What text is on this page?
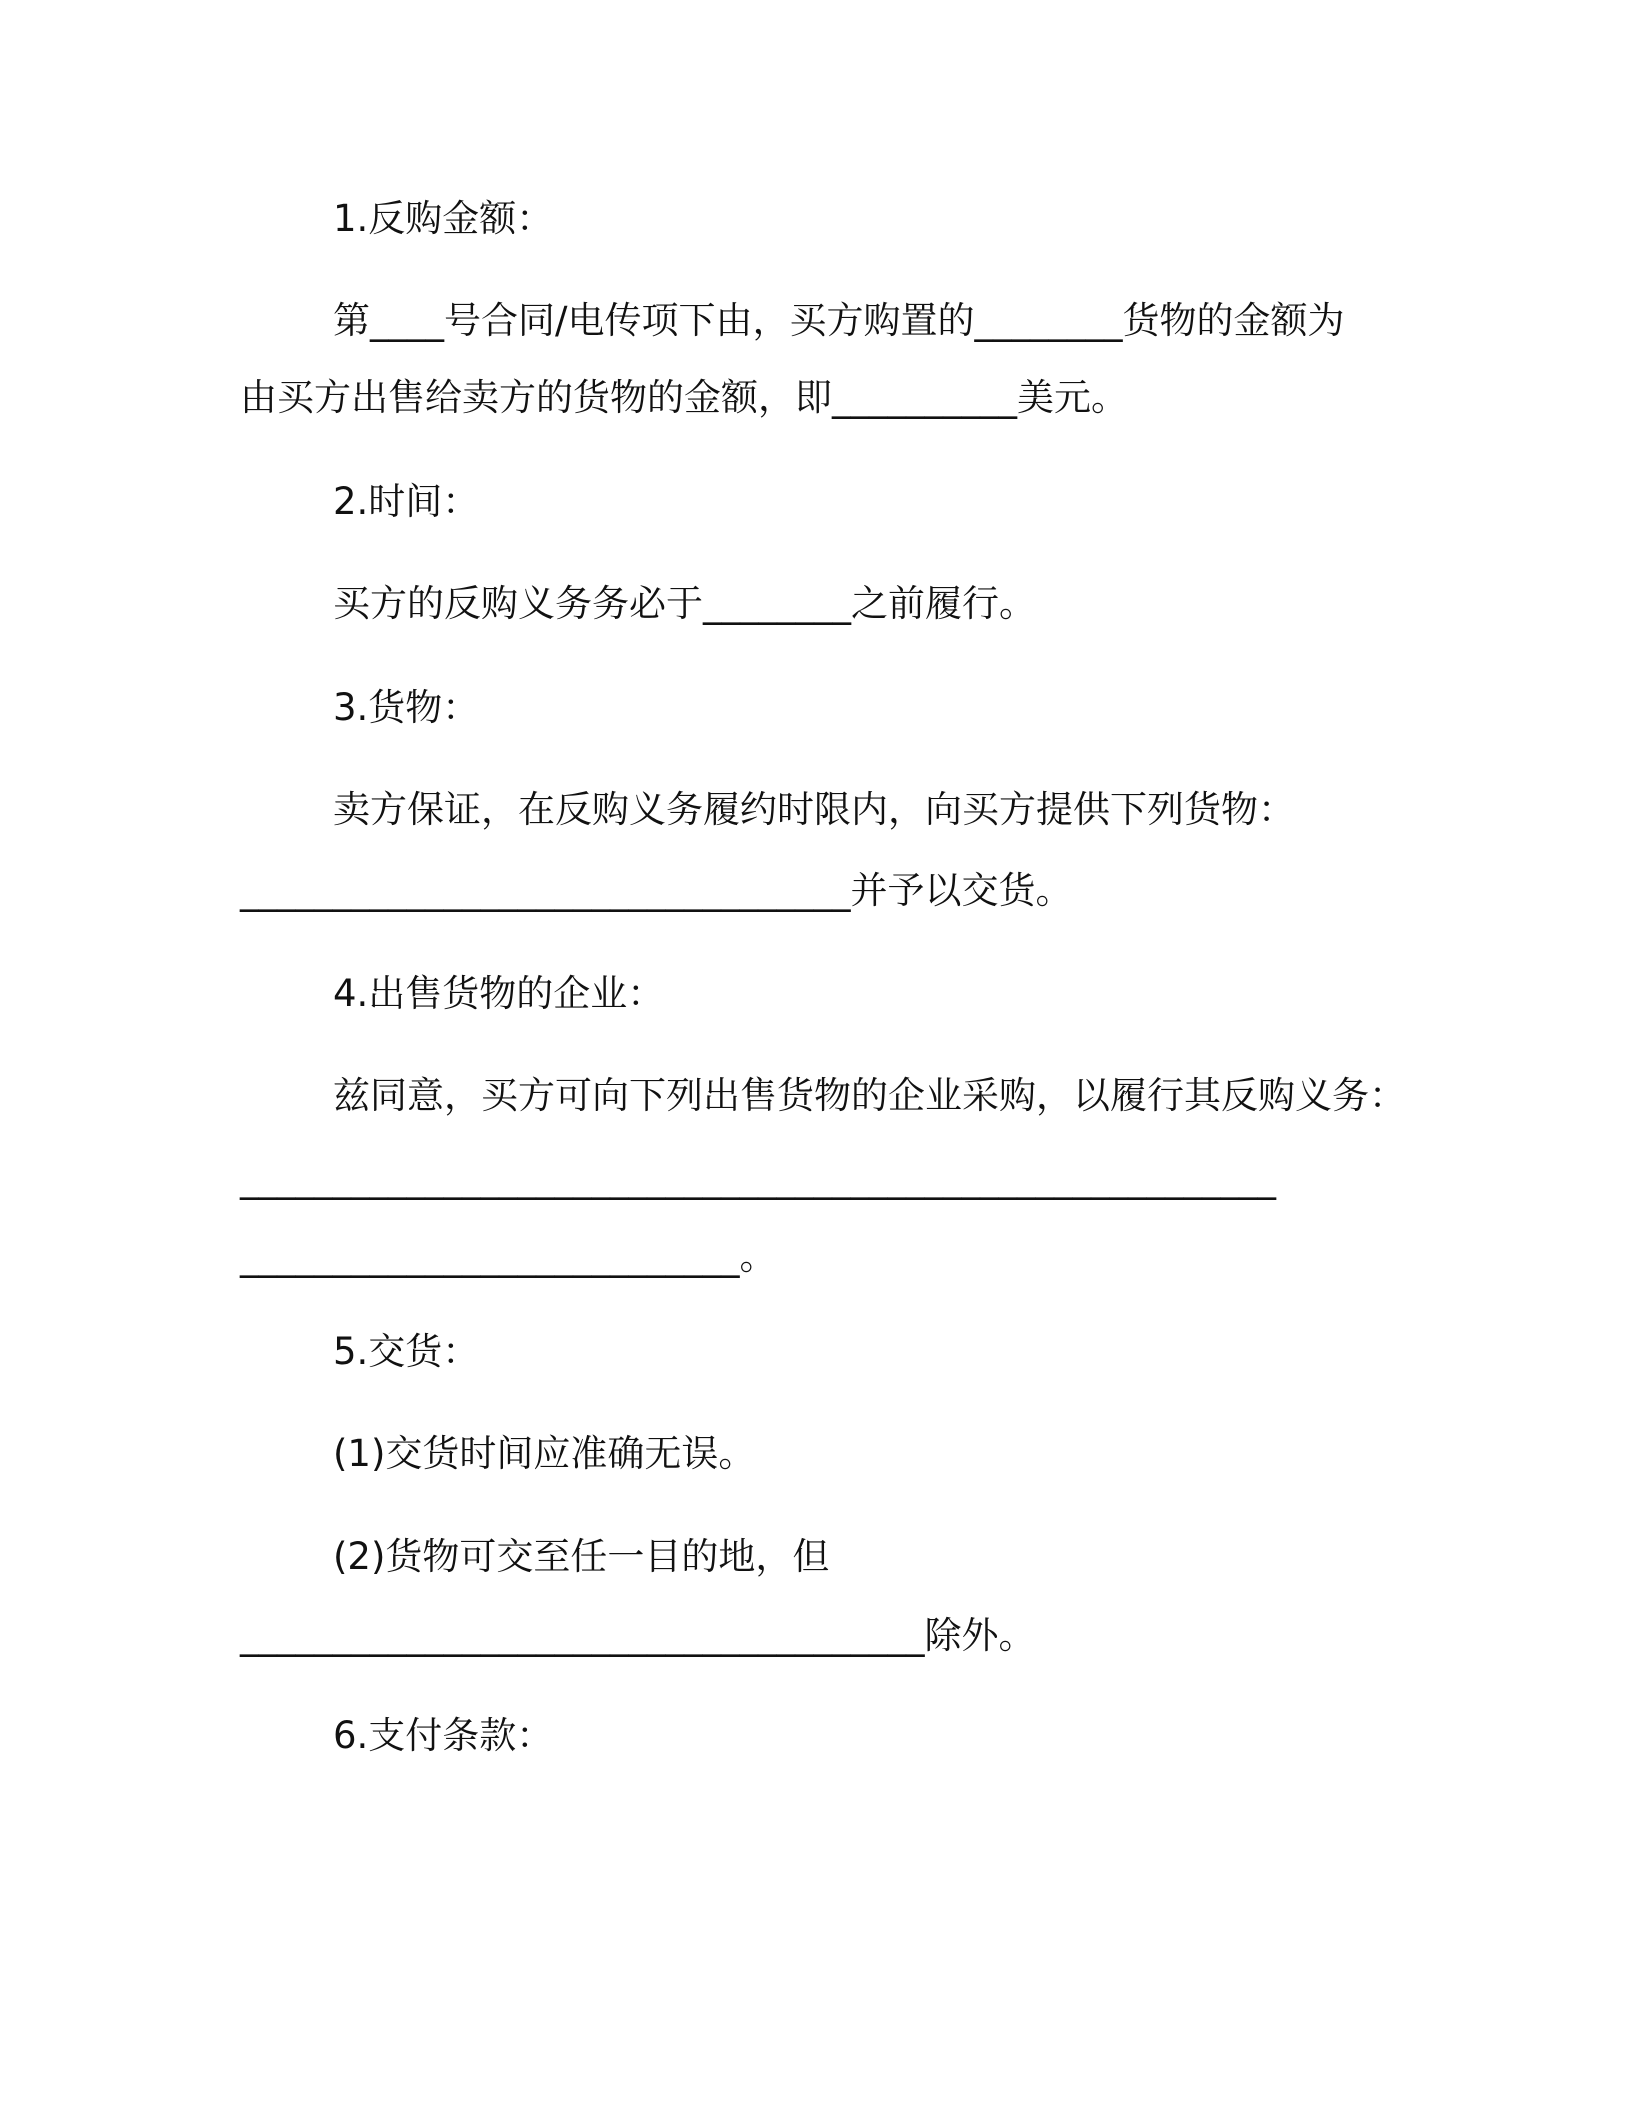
1.反购金额：
第____号合同/电传项下由，买方购置的________货物的金额为
由买方出售给卖方的货物的金额，即__________美元。
2.时间：
买方的反购义务务必于________之前履行。
3.货物：
卖方保证，在反购义务履约时限内，向买方提供下列货物：
_________________________________并予以交货。
4.出售货物的企业：
兹同意，买方可向下列出售货物的企业采购，以履行其反购义务：
________________________________________________________
___________________________。
5.交货：
(1)交货时间应准确无误。
(2)货物可交至任一目的地，但
_____________________________________除外。
6.支付条款：
